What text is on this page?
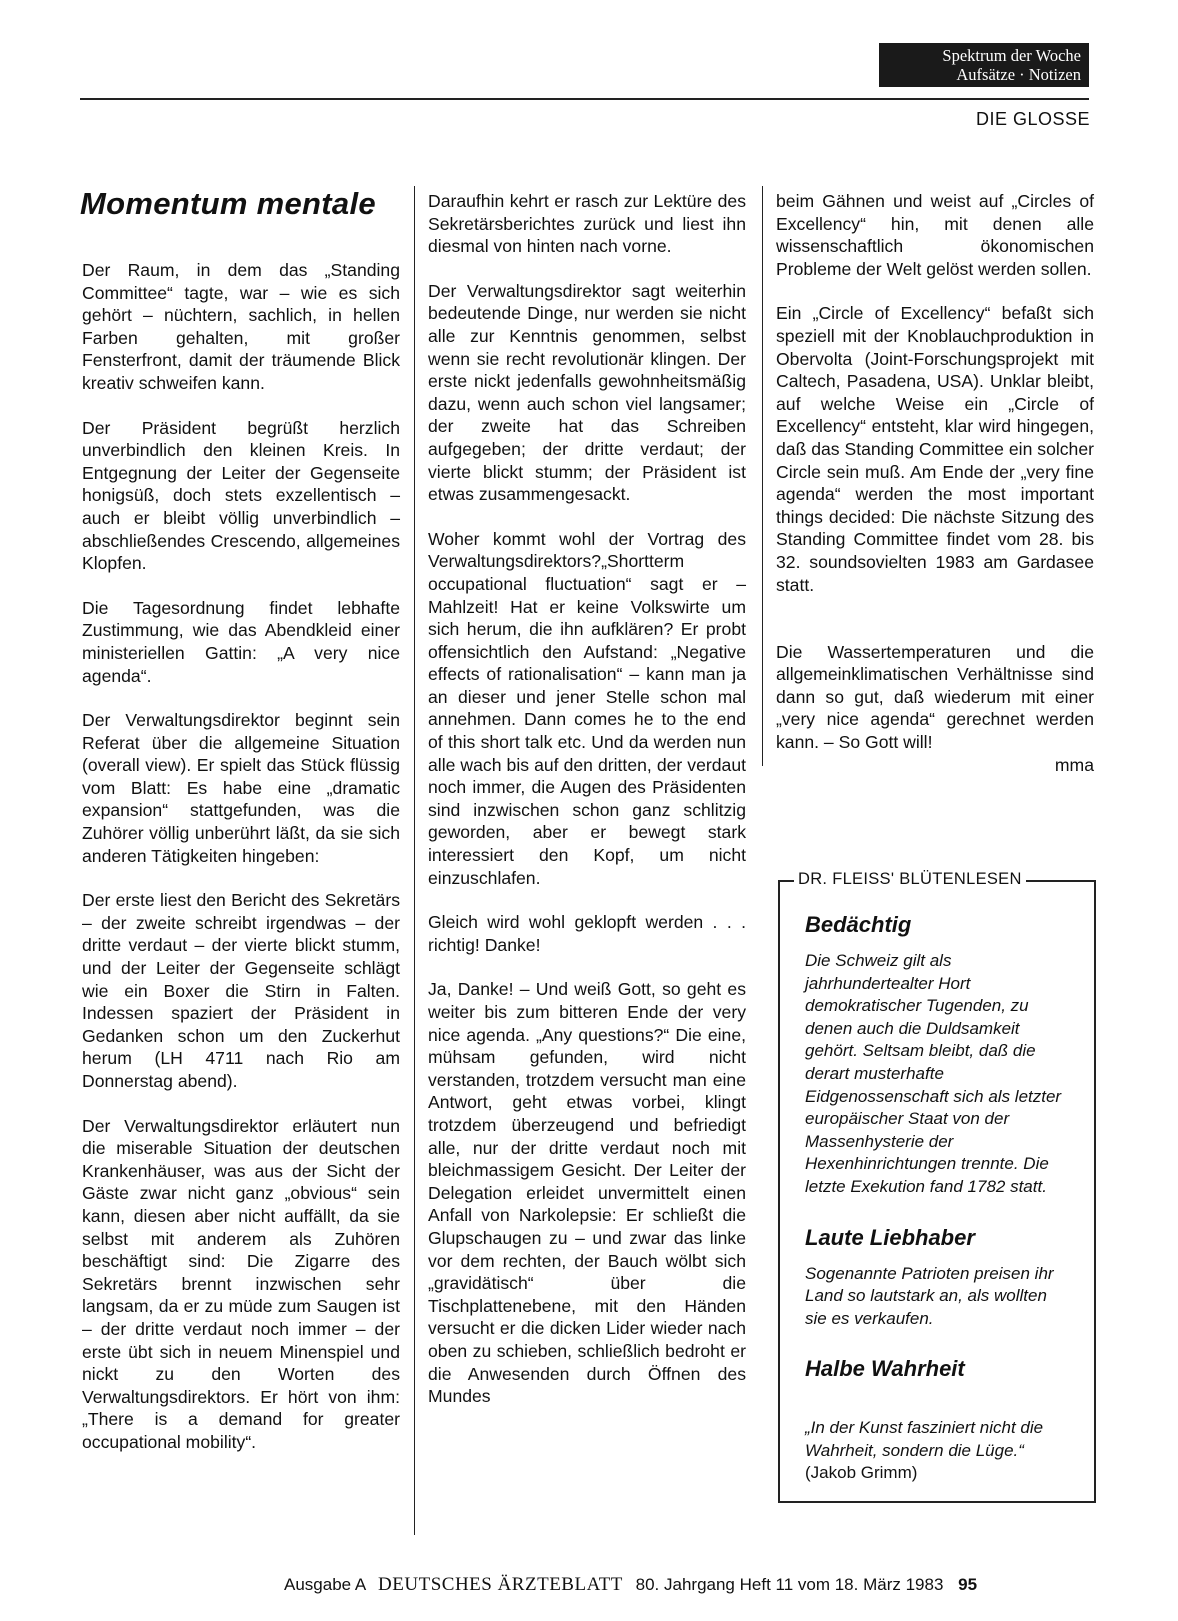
Spektrum der Woche
Aufsätze · Notizen
DIE GLOSSE
Momentum mentale

Der Raum, in dem das „Standing Committee“ tagte, war – wie es sich gehört – nüchtern, sachlich, in hellen Farben gehalten, mit großer Fensterfront, damit der träumende Blick kreativ schweifen kann.

Der Präsident begrüßt herzlich unverbindlich den kleinen Kreis. In Entgegnung der Leiter der Gegenseite honigsüß, doch stets exzellentisch – auch er bleibt völlig unverbindlich – abschließendes Crescendo, allgemeines Klopfen.

Die Tagesordnung findet lebhafte Zustimmung, wie das Abendkleid einer ministeriellen Gattin: „A very nice agenda“.

Der Verwaltungsdirektor beginnt sein Referat über die allgemeine Situation (overall view). Er spielt das Stück flüssig vom Blatt: Es habe eine „dramatic expansion“ stattgefunden, was die Zuhörer völlig unberührt läßt, da sie sich anderen Tätigkeiten hingeben:

Der erste liest den Bericht des Sekretärs – der zweite schreibt irgendwas – der dritte verdaut – der vierte blickt stumm, und der Leiter der Gegenseite schlägt wie ein Boxer die Stirn in Falten. Indessen spaziert der Präsident in Gedanken schon um den Zuckerhut herum (LH 4711 nach Rio am Donnerstag abend).

Der Verwaltungsdirektor erläutert nun die miserable Situation der deutschen Krankenhäuser, was aus der Sicht der Gäste zwar nicht ganz „obvious“ sein kann, diesen aber nicht auffällt, da sie selbst mit anderem als Zuhören beschäftigt sind: Die Zigarre des Sekretärs brennt inzwischen sehr langsam, da er zu müde zum Saugen ist – der dritte verdaut noch immer – der erste übt sich in neuem Minenspiel und nickt zu den Worten des Verwaltungsdirektors. Er hört von ihm: „There is a demand for greater occupational mobility“.

Daraufhin kehrt er rasch zur Lektüre des Sekretärsberichtes zurück und liest ihn diesmal von hinten nach vorne.

Der Verwaltungsdirektor sagt weiterhin bedeutende Dinge, nur werden sie nicht alle zur Kenntnis genommen, selbst wenn sie recht revolutionär klingen. Der erste nickt jedenfalls gewohnheitsmäßig dazu, wenn auch schon viel langsamer; der zweite hat das Schreiben aufgegeben; der dritte verdaut; der vierte blickt stumm; der Präsident ist etwas zusammengesackt.

Woher kommt wohl der Vortrag des Verwaltungsdirektors?„Shortterm occupational fluctuation“ sagt er – Mahlzeit! Hat er keine Volkswirte um sich herum, die ihn aufklären? Er probt offensichtlich den Aufstand: „Negative effects of rationalisation“ – kann man ja an dieser und jener Stelle schon mal annehmen. Dann comes he to the end of this short talk etc. Und da werden nun alle wach bis auf den dritten, der verdaut noch immer, die Augen des Präsidenten sind inzwischen schon ganz schlitzig geworden, aber er bewegt stark interessiert den Kopf, um nicht einzuschlafen.

Gleich wird wohl geklopft werden . . . richtig! Danke!

Ja, Danke! – Und weiß Gott, so geht es weiter bis zum bitteren Ende der very nice agenda. „Any questions?“ Die eine, mühsam gefunden, wird nicht verstanden, trotzdem versucht man eine Antwort, geht etwas vorbei, klingt trotzdem überzeugend und befriedigt alle, nur der dritte verdaut noch mit bleichmassigem Gesicht. Der Leiter der Delegation erleidet unvermittelt einen Anfall von Narkolepsie: Er schließt die Glupschaugen zu – und zwar das linke vor dem rechten, der Bauch wölbt sich „gravidätisch“ über die Tischplattenebene, mit den Händen versucht er die dicken Lider wieder nach oben zu schieben, schließlich bedroht er die Anwesenden durch Öffnen des Mundes

beim Gähnen und weist auf „Circles of Excellency“ hin, mit denen alle wissenschaftlich ökonomischen Probleme der Welt gelöst werden sollen.

Ein „Circle of Excellency“ befaßt sich speziell mit der Knoblauchproduktion in Obervolta (Joint-Forschungsprojekt mit Caltech, Pasadena, USA). Unklar bleibt, auf welche Weise ein „Circle of Excellency“ entsteht, klar wird hingegen, daß das Standing Committee ein solcher Circle sein muß. Am Ende der „very fine agenda“ werden the most important things decided: Die nächste Sitzung des Standing Committee findet vom 28. bis 32. soundsovielten 1983 am Gardasee statt.

Die Wassertemperaturen und die allgemeinklimatischen Verhältnisse sind dann so gut, daß wiederum mit einer „very nice agenda“ gerechnet werden kann. – So Gott will!

mma

DR. FLEISS' BLÜTENLESEN
Bedächtig
Die Schweiz gilt als jahrhundertealter Hort demokratischer Tugenden, zu denen auch die Duldsamkeit gehört. Seltsam bleibt, daß die derart musterhafte Eidgenossenschaft sich als letzter europäischer Staat von der Massenhysterie der Hexenhinrichtungen trennte. Die letzte Exekution fand 1782 statt.
Laute Liebhaber
Sogenannte Patrioten preisen ihr Land so lautstark an, als wollten sie es verkaufen.
Halbe Wahrheit

„In der Kunst fasziniert nicht die Wahrheit, sondern die Lüge.“
(Jakob Grimm)

Ausgabe A DEUTSCHES ÄRZTEBLATT 80. Jahrgang Heft 11 vom 18. März 1983 95
